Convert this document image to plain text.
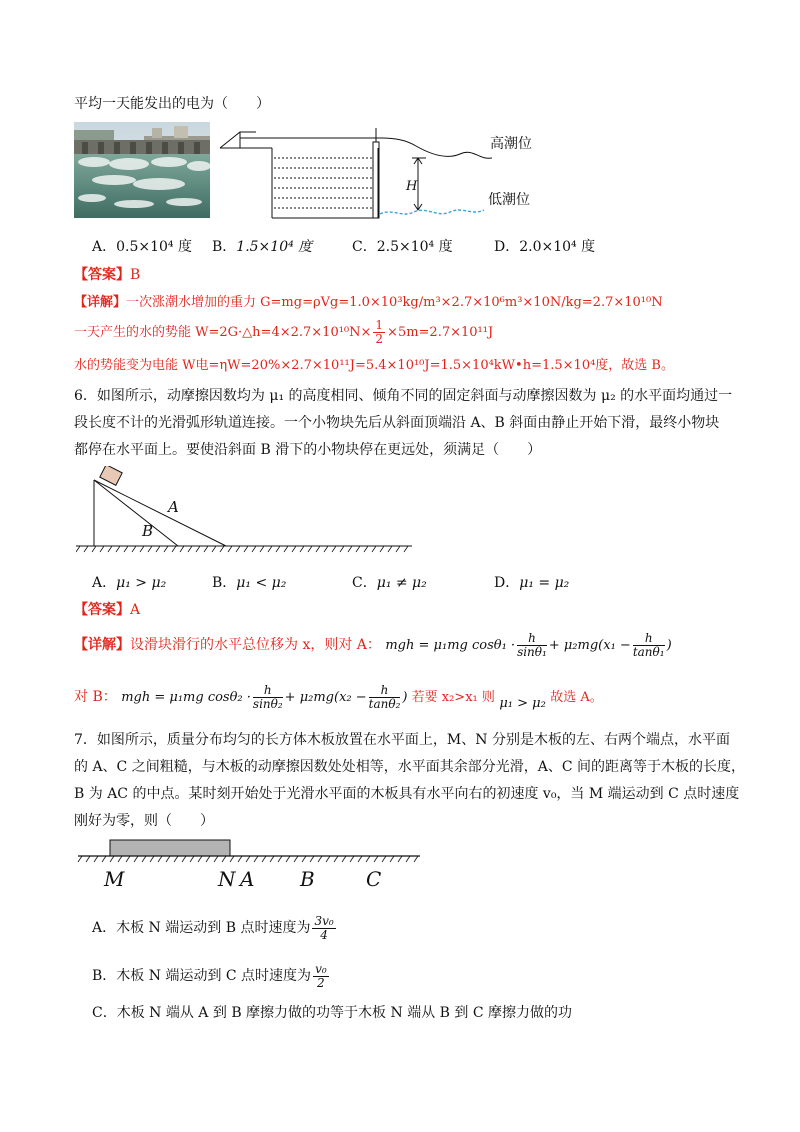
平均一天能发出的电为（　　）
H
高潮位
低潮位
A．0.5×10⁴ 度 B．1.5×10⁴ 度	C．2.5×10⁴ 度	D．2.0×10⁴ 度
【答案】B
【详解】一次涨潮水增加的重力 G=mg=ρVg=1.0×10³kg/m³×2.7×10⁶m³×10N/kg=2.7×10¹⁰N
一天产生的水的势能 W=2G·△h=4×2.7×10¹⁰N× $\frac{1}{2} \times 5m=2.7\times 10^{11}J$
水的势能变为电能 W电=ηW=20%×2.7×10¹¹J=5.4×10¹⁰J=1.5×10⁴kW•h=1.5×10⁴度，故选 B。
6．如图所示，动摩擦因数均为 μ₁ 的高度相同、倾角不同的固定斜面与动摩擦因数为 μ₂ 的水平面均通过一
段长度不计的光滑弧形轨道连接。一个小物块先后从斜面顶端沿 A、B 斜面由静止开始下滑，最终小物块
都停在水平面上。要使沿斜面 B 滑下的小物块停在更远处，须满足（　　）
A
B
A．μ₁ > μ₂	B．μ₁ < μ₂	C．μ₁ ≠ μ₂	D．μ₁ = μ₂
【答案】A
【详解】设滑块滑行的水平总位移为 x，则对 A： mgh = μ₁mg $\cos\theta_1 \cdot \frac{h}{\text{sinθ₁}} + \mu_2mg(x_1 - \frac{h}{\text{tanθ₁}}$ )
对 B： mgh = μ₁mg $\cos\theta_2 \cdot \frac{h}{\text{sinθ₂}} + \mu_2mg(x_2 - \frac{h}{\text{tanθ₂}}$ ) 若要 x₂>x₁ 则 μ₁ > μ₂ 故选 A。
7．如图所示，质量分布均匀的长方体木板放置在水平面上，M、N 分别是木板的左、右两个端点，水平面
的 A、C 之间粗糙，与木板的动摩擦因数处处相等，水平面其余部分光滑，A、C 间的距离等于木板的长度，
B 为 AC 的中点。某时刻开始处于光滑水平面的木板具有水平向右的初速度 v₀，当 M 端运动到 C 点时速度
刚好为零，则（　　）
M	N A B	C
A．木板 N 端运动到 B 点时速度为 $\frac{\text{3v₀}}{4}$
B．木板 N 端运动到 C 点时速度为 $\frac{\text{v₀}}{2}$
C．木板 N 端从 A 到 B 摩擦力做的功等于木板 N 端从 B 到 C 摩擦力做的功
